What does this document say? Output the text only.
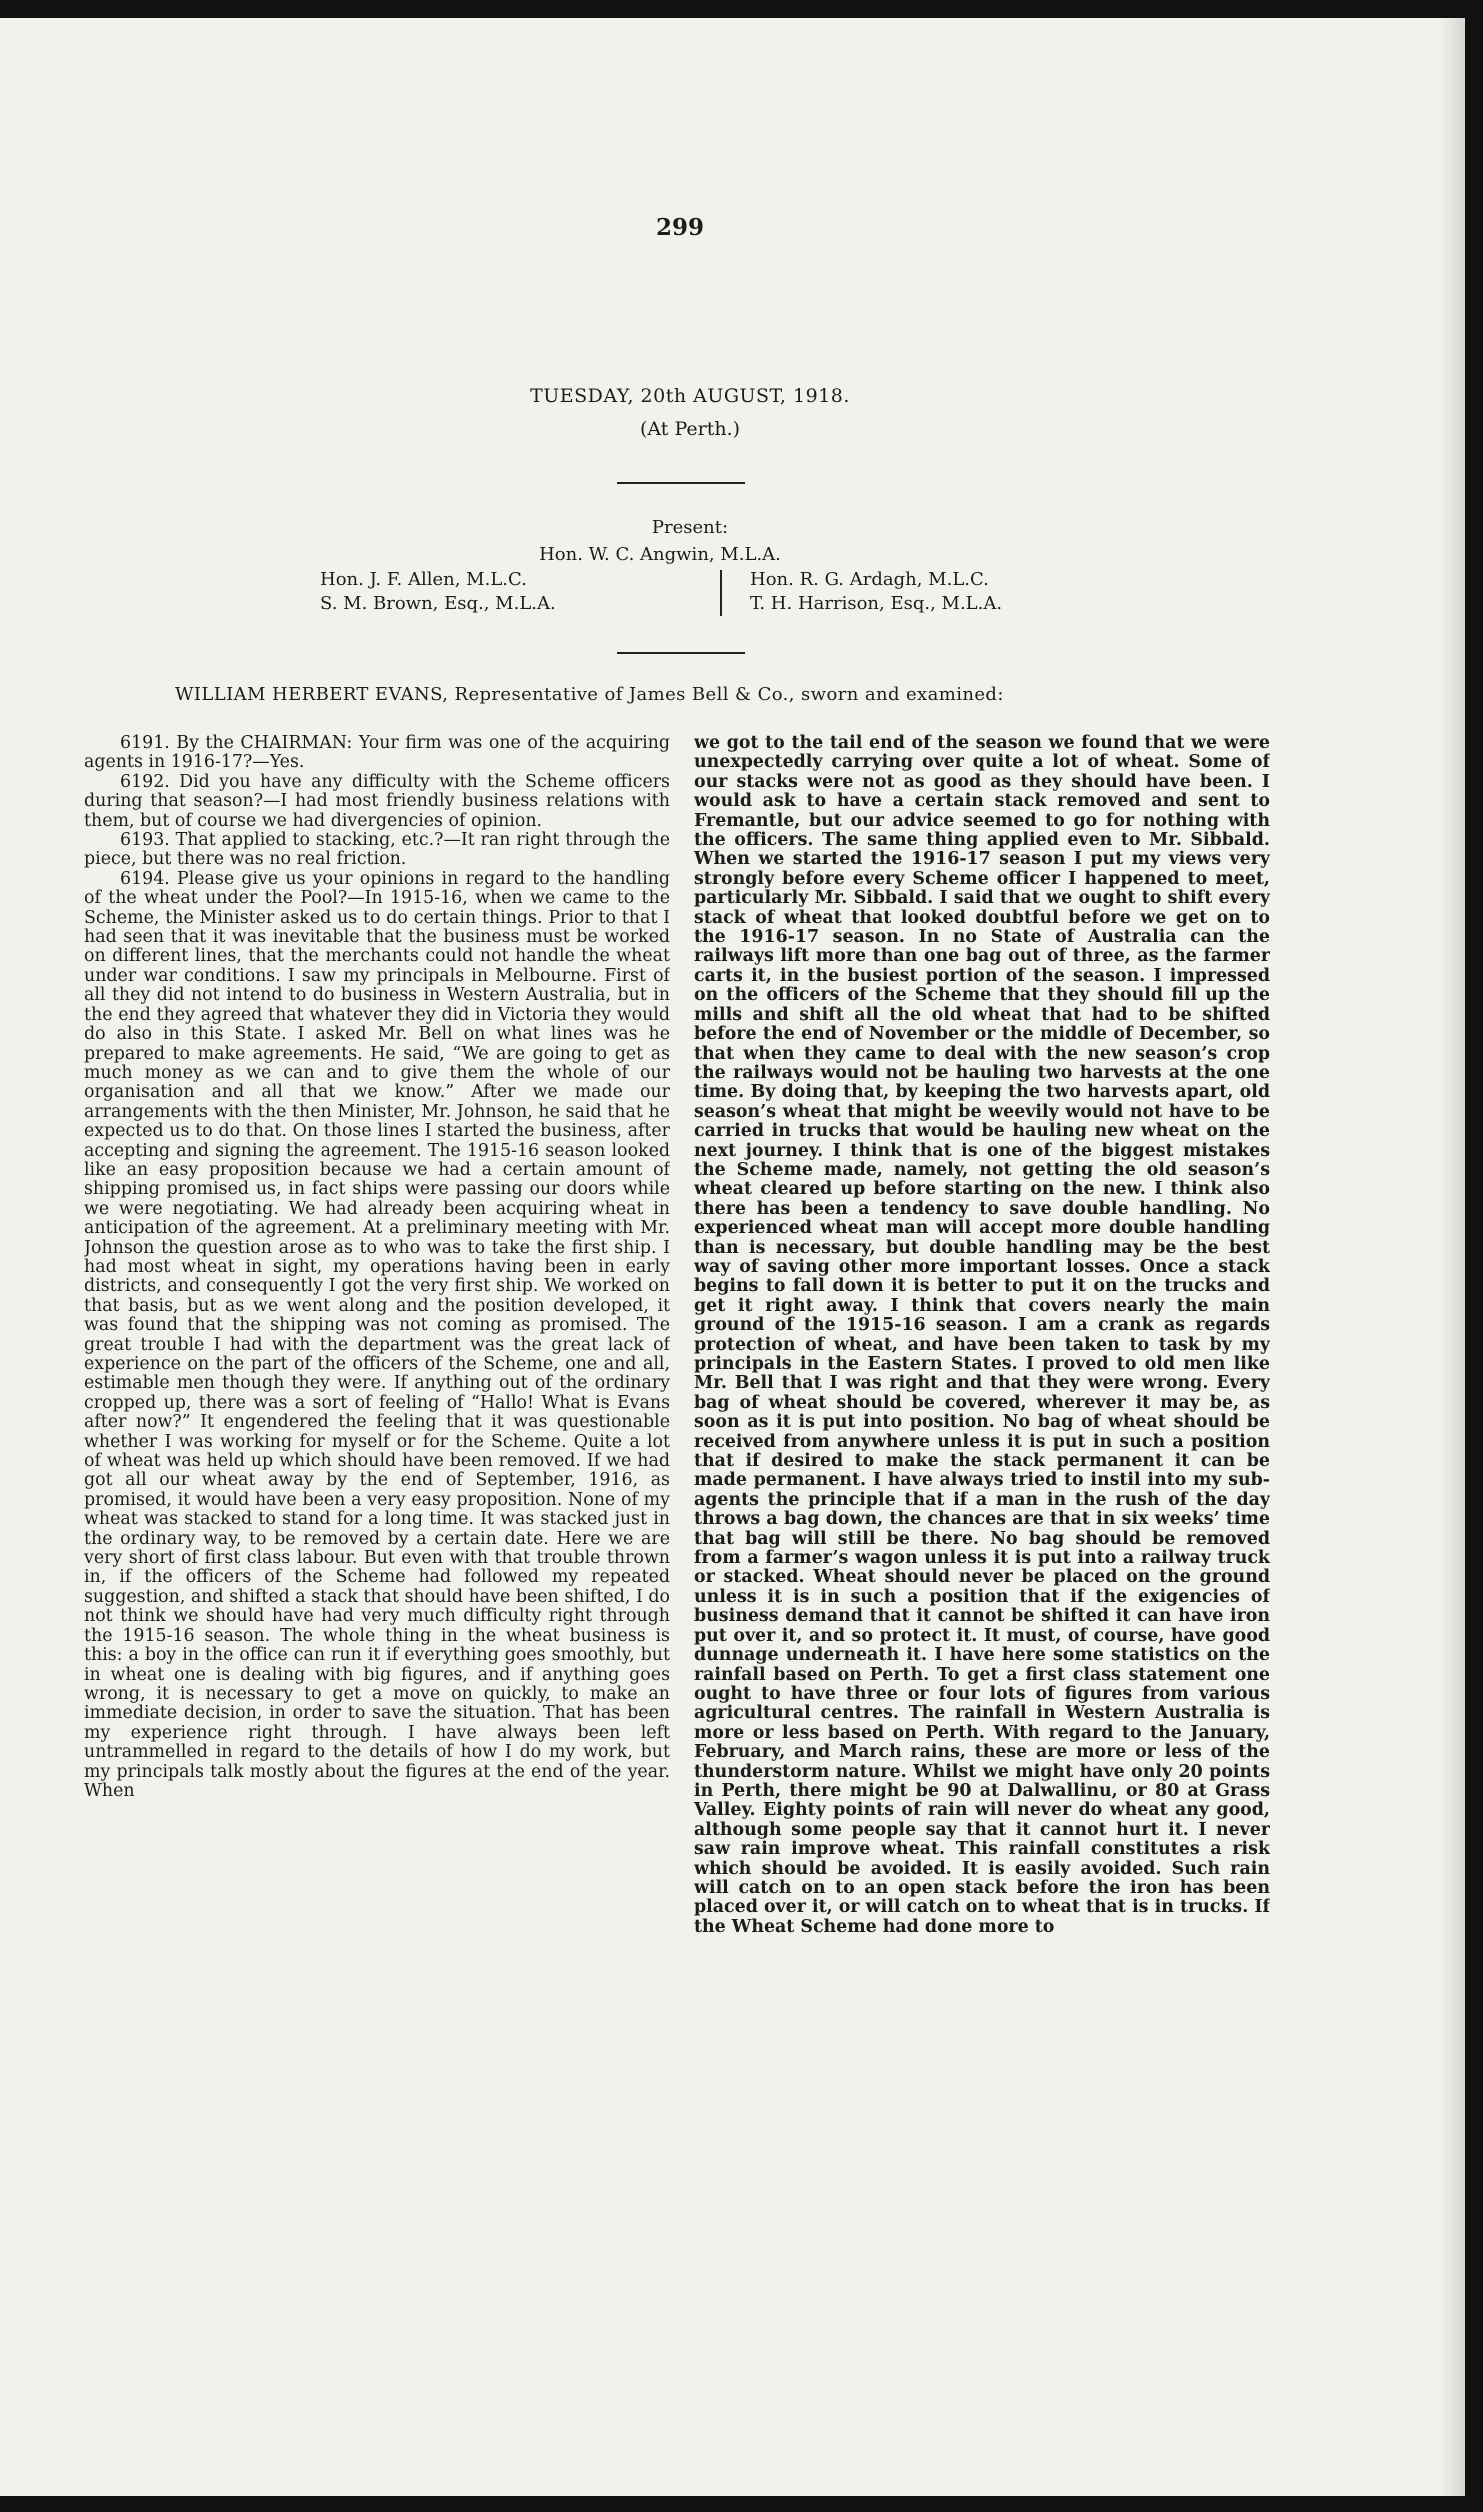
299
TUESDAY, 20th AUGUST, 1918.
(At Perth.)
Present:
Hon. W. C. Angwin, M.L.A.
Hon. J. F. Allen, M.L.C.
S. M. Brown, Esq., M.L.A.
Hon. R. G. Ardagh, M.L.C.
T. H. Harrison, Esq., M.L.A.
WILLIAM HERBERT EVANS, Representative of James Bell & Co., sworn and examined:

6191. By the CHAIRMAN: Your firm was one of the acquiring agents in 1916-17?—Yes.

6192. Did you have any difficulty with the Scheme officers during that season?—I had most friendly business relations with them, but of course we had divergencies of opinion.

6193. That applied to stacking, etc.?—It ran right through the piece, but there was no real friction.

6194. Please give us your opinions in regard to the handling of the wheat under the Pool?—In 1915-16, when we came to the Scheme, the Minister asked us to do certain things. Prior to that I had seen that it was inevitable that the business must be worked on different lines, that the merchants could not handle the wheat under war conditions. I saw my principals in Melbourne. First of all they did not intend to do business in Western Australia, but in the end they agreed that whatever they did in Victoria they would do also in this State. I asked Mr. Bell on what lines was he prepared to make agreements. He said, “We are going to get as much money as we can and to give them the whole of our organisation and all that we know.” After we made our arrangements with the then Minister, Mr. Johnson, he said that he expected us to do that. On those lines I started the business, after accepting and signing the agreement. The 1915-16 season looked like an easy proposition because we had a certain amount of shipping promised us, in fact ships were passing our doors while we were negotiating. We had already been acquiring wheat in anticipation of the agreement. At a preliminary meeting with Mr. Johnson the question arose as to who was to take the first ship. I had most wheat in sight, my operations having been in early districts, and consequently I got the very first ship. We worked on that basis, but as we went along and the position developed, it was found that the shipping was not coming as promised. The great trouble I had with the department was the great lack of experience on the part of the officers of the Scheme, one and all, estimable men though they were. If anything out of the ordinary cropped up, there was a sort of feeling of “Hallo! What is Evans after now?” It engendered the feeling that it was questionable whether I was working for myself or for the Scheme. Quite a lot of wheat was held up which should have been removed. If we had got all our wheat away by the end of September, 1916, as promised, it would have been a very easy proposition. None of my wheat was stacked to stand for a long time. It was stacked just in the ordinary way, to be removed by a certain date. Here we are very short of first class labour. But even with that trouble thrown in, if the officers of the Scheme had followed my repeated suggestion, and shifted a stack that should have been shifted, I do not think we should have had very much difficulty right through the 1915-16 season. The whole thing in the wheat business is this: a boy in the office can run it if everything goes smoothly, but in wheat one is dealing with big figures, and if anything goes wrong, it is necessary to get a move on quickly, to make an immediate decision, in order to save the situation. That has been my experience right through. I have always been left untrammelled in regard to the details of how I do my work, but my principals talk mostly about the figures at the end of the year. When

we got to the tail end of the season we found that we were unexpectedly carrying over quite a lot of wheat. Some of our stacks were not as good as they should have been. I would ask to have a certain stack removed and sent to Fremantle, but our advice seemed to go for nothing with the officers. The same thing applied even to Mr. Sibbald. When we started the 1916-17 season I put my views very strongly before every Scheme officer I happened to meet, particularly Mr. Sibbald. I said that we ought to shift every stack of wheat that looked doubtful before we get on to the 1916-17 season. In no State of Australia can the railways lift more than one bag out of three, as the farmer carts it, in the busiest portion of the season. I impressed on the officers of the Scheme that they should fill up the mills and shift all the old wheat that had to be shifted before the end of November or the middle of December, so that when they came to deal with the new season’s crop the railways would not be hauling two harvests at the one time. By doing that, by keeping the two harvests apart, old season’s wheat that might be weevily would not have to be carried in trucks that would be hauling new wheat on the next journey. I think that is one of the biggest mistakes the Scheme made, namely, not getting the old season’s wheat cleared up before starting on the new. I think also there has been a tendency to save double handling. No experienced wheat man will accept more double handling than is necessary, but double handling may be the best way of saving other more important losses. Once a stack begins to fall down it is better to put it on the trucks and get it right away. I think that covers nearly the main ground of the 1915-16 season. I am a crank as regards protection of wheat, and have been taken to task by my principals in the Eastern States. I proved to old men like Mr. Bell that I was right and that they were wrong. Every bag of wheat should be covered, wherever it may be, as soon as it is put into position. No bag of wheat should be received from anywhere unless it is put in such a position that if desired to make the stack permanent it can be made permanent. I have always tried to instil into my sub-agents the principle that if a man in the rush of the day throws a bag down, the chances are that in six weeks’ time that bag will still be there. No bag should be removed from a farmer’s wagon unless it is put into a railway truck or stacked. Wheat should never be placed on the ground unless it is in such a position that if the exigencies of business demand that it cannot be shifted it can have iron put over it, and so protect it. It must, of course, have good dunnage underneath it. I have here some statistics on the rainfall based on Perth. To get a first class statement one ought to have three or four lots of figures from various agricultural centres. The rainfall in Western Australia is more or less based on Perth. With regard to the January, February, and March rains, these are more or less of the thunderstorm nature. Whilst we might have only 20 points in Perth, there might be 90 at Dalwallinu, or 80 at Grass Valley. Eighty points of rain will never do wheat any good, although some people say that it cannot hurt it. I never saw rain improve wheat. This rainfall constitutes a risk which should be avoided. It is easily avoided. Such rain will catch on to an open stack before the iron has been placed over it, or will catch on to wheat that is in trucks. If the Wheat Scheme had done more to
